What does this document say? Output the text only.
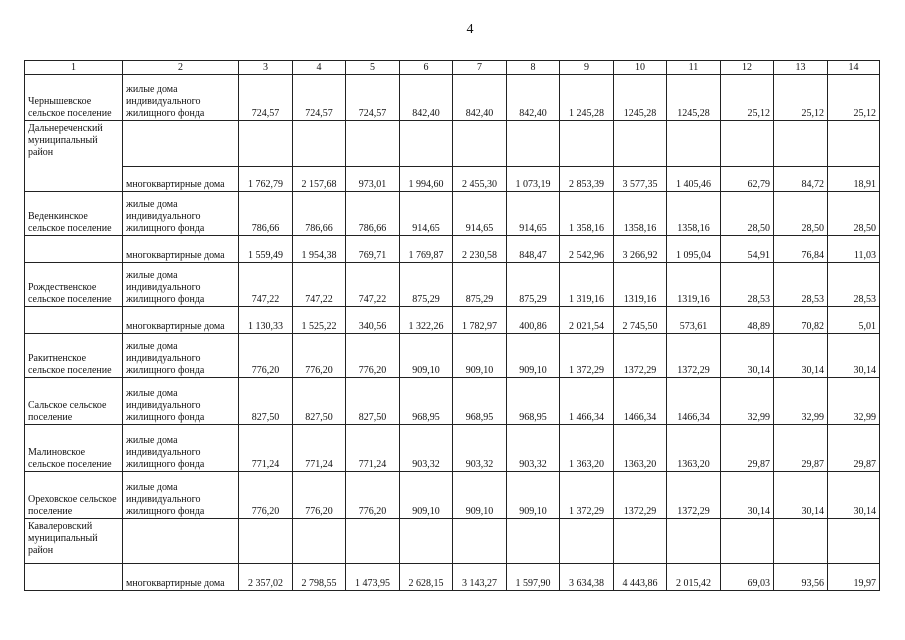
4
1	2	3	4	5	6	7	8	9	10	11	12	13	14
Чернышевское сельское поселение	жилые дома индивидуального жилищного фонда	724,57	724,57	724,57	842,40	842,40	842,40	1 245,28	1245,28	1245,28	25,12	25,12	25,12
Дальнереченский муниципальный район													
	многоквартирные дома	1 762,79	2 157,68	973,01	1 994,60	2 455,30	1 073,19	2 853,39	3 577,35	1 405,46	62,79	84,72	18,91
Веденкинское сельское поселение	жилые дома индивидуального жилищного фонда	786,66	786,66	786,66	914,65	914,65	914,65	1 358,16	1358,16	1358,16	28,50	28,50	28,50
	многоквартирные дома	1 559,49	1 954,38	769,71	1 769,87	2 230,58	848,47	2 542,96	3 266,92	1 095,04	54,91	76,84	11,03
Рождественское сельское поселение	жилые дома индивидуального жилищного фонда	747,22	747,22	747,22	875,29	875,29	875,29	1 319,16	1319,16	1319,16	28,53	28,53	28,53
	многоквартирные дома	1 130,33	1 525,22	340,56	1 322,26	1 782,97	400,86	2 021,54	2 745,50	573,61	48,89	70,82	5,01
Ракитненское сельское поселение	жилые дома индивидуального жилищного фонда	776,20	776,20	776,20	909,10	909,10	909,10	1 372,29	1372,29	1372,29	30,14	30,14	30,14
Сальское сельское поселение	жилые дома индивидуального жилищного фонда	827,50	827,50	827,50	968,95	968,95	968,95	1 466,34	1466,34	1466,34	32,99	32,99	32,99
Малиновское сельское поселение	жилые дома индивидуального жилищного фонда	771,24	771,24	771,24	903,32	903,32	903,32	1 363,20	1363,20	1363,20	29,87	29,87	29,87
Ореховское сельское поселение	жилые дома индивидуального жилищного фонда	776,20	776,20	776,20	909,10	909,10	909,10	1 372,29	1372,29	1372,29	30,14	30,14	30,14
Кавалеровский муниципальный район													
	многоквартирные дома	2 357,02	2 798,55	1 473,95	2 628,15	3 143,27	1 597,90	3 634,38	4 443,86	2 015,42	69,03	93,56	19,97
